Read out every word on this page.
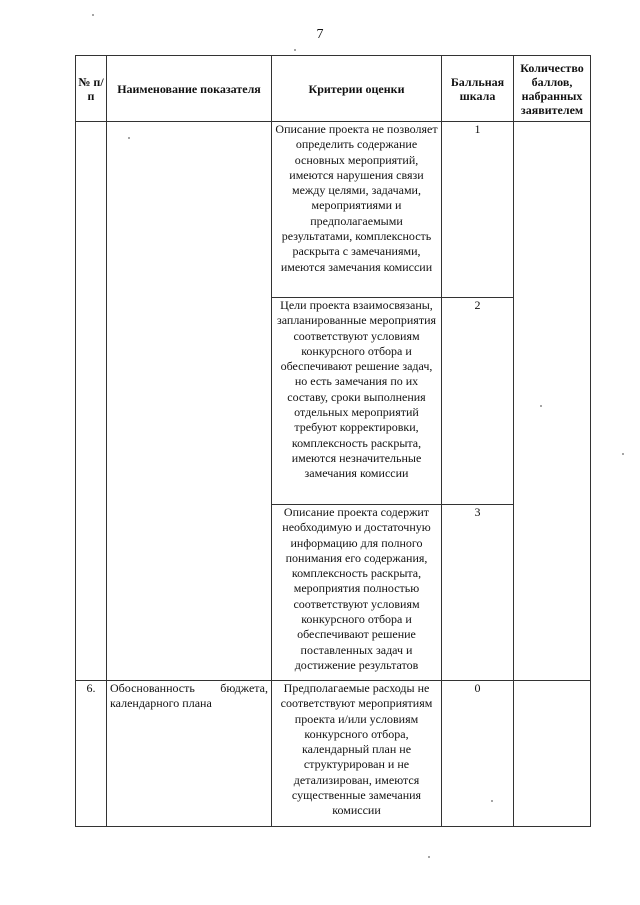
7
№ п/п	Наименование показателя	Критерии оценки	Балльная шкала	Количество баллов, набранных заявителем
		Описание проекта не позволяет определить содержание основных мероприятий, имеются нарушения связи между целями, задачами, мероприятиями и предполагаемыми результатами, комплексность раскрыта с замечаниями, имеются замечания комиссии	1	
		Цели проекта взаимосвязаны, запланированные мероприятия соответствуют условиям конкурсного отбора и обеспечивают решение задач, но есть замечания по их составу, сроки выполнения отдельных мероприятий требуют корректировки, комплексность раскрыта, имеются незначительные замечания комиссии	2	
		Описание проекта содержит необходимую и достаточную информацию для полного понимания его содержания, комплексность раскрыта, мероприятия полностью соответствуют условиям конкурсного отбора и обеспечивают решение поставленных задач и достижение результатов	3	
6.	Обоснованность бюджета, календарного плана	Предполагаемые расходы не соответствуют мероприятиям проекта и/или условиям конкурсного отбора, календарный план не структурирован и не детализирован, имеются существенные замечания комиссии	0	
